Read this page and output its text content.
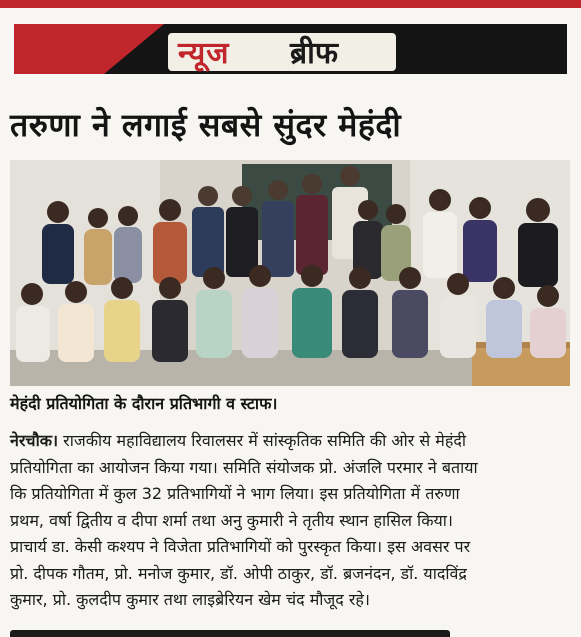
न्यूज ब्रीफ
तरुणा ने लगाई सबसे सुंदर मेहंदी
मेहंदी प्रतियोगिता के दौरान प्रतिभागी व स्टाफ।

नेरचौक। राजकीय महाविद्यालय रिवालसर में सांस्कृतिक समिति की ओर से मेहंदी

प्रतियोगिता का आयोजन किया गया। समिति संयोजक प्रो. अंजलि परमार ने बताया

कि प्रतियोगिता में कुल 32 प्रतिभागियों ने भाग लिया। इस प्रतियोगिता में तरुणा

प्रथम, वर्षा द्वितीय व दीपा शर्मा तथा अनु कुमारी ने तृतीय स्थान हासिल किया।

प्राचार्य डा. केसी कश्यप ने विजेता प्रतिभागियों को पुरस्कृत किया। इस अवसर पर

प्रो. दीपक गौतम, प्रो. मनोज कुमार, डॉ. ओपी ठाकुर, डॉ. ब्रजनंदन, डॉ. यादविंद्र

कुमार, प्रो. कुलदीप कुमार तथा लाइब्रेरियन खेम चंद मौजूद रहे।
